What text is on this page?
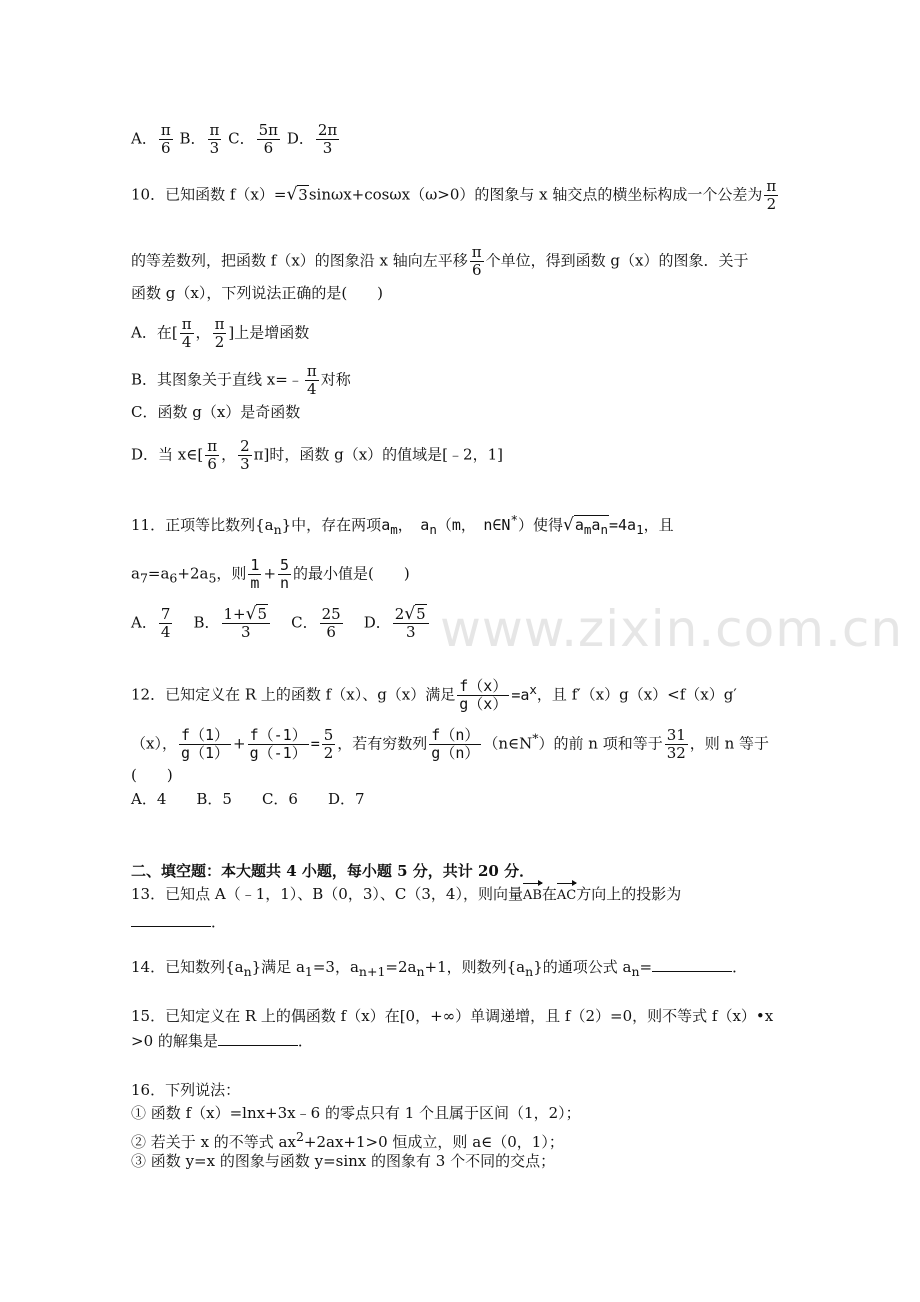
www.zixin.com.cn
A． $\frac{\pi}{6}$ B． $\frac{\pi}{3}$ C． $\frac{5\pi}{6}$ D． $\frac{2\pi}{3}$
10．已知函数 f（x）=√3sinωx+cosωx（ω>0）的图象与 x 轴交点的横坐标构成一个公差为 $\frac{\pi}{2}$
的等差数列，把函数 f（x）的图象沿 x 轴向左平移 $\frac{\pi}{6}$ 个单位，得到函数 g（x）的图象．关于
函数 g（x），下列说法正确的是(　　)
A．在[ $\frac{\pi}{4}$ ， $\frac{\pi}{2}$ ]上是增函数
B．其图象关于直线 x=﹣ $\frac{\pi}{4}$ 对称
C．函数 g（x）是奇函数
D．当 x∈[ $\frac{\pi}{6}$ ， $\frac{2}{3} \pi$]时，函数 g（x）的值域是[﹣2，1]
11．正项等比数列$\{a_n\}$中，存在两项$a_m$，　 $a_n(m$，　n∈N*）使得$√a_ma_n=4a_1$，且
$a_7=a_6+2a_5$，则 $\frac{1}{m} + \frac{5}{n}$ 的最小值是(　　)
A． $\frac{7}{4}$ B． $\frac{1+√5}{3}$ C． $\frac{25}{6}$ D． $\frac{2√5}{3}$
12．已知定义在 R 上的函数 f（x）、g（x）满足 $\frac{f(x)}{g(x)} =a^x$，且 f′（x）g（x）<f（x）g′
（x）， $\frac{f(1)}{g(1)} + \frac{f(-1)}{g(-1)} = \frac{5}{2}$ ，若有穷数列 $\frac{f(n)}{g(n)}$ （n∈N*）的前 n 项和等于 $\frac{31}{32}$ ，则 n 等于
(　　)
A．4　　B．5　　C．6　　D．7
二、填空题：本大题共 4 小题，每小题 5 分，共计 20 分．
13．已知点 A（﹣1，1）、B（0，3）、C（3，4），则向量AB在AC方向上的投影为
．
14．已知数列$\{a_n\}$满足 $a_1=3$，$a_{n+1}=2a_n+1$，则数列$\{a_n\}$的通项公式 $a_n=$	．
15．已知定义在 R 上的偶函数 f（x）在[0，+∞）单调递增，且 f（2）=0，则不等式 f（x）•x
>0 的解集是	．
16．下列说法：
① 函数 f（x）=lnx+3x﹣6 的零点只有 1 个且属于区间（1，2）；
② 若关于 x 的不等式 $ax^2+2ax+1>0$ 恒成立，则 a∈（0，1）；
③ 函数 y=x 的图象与函数 y=sinx 的图象有 3 个不同的交点；
